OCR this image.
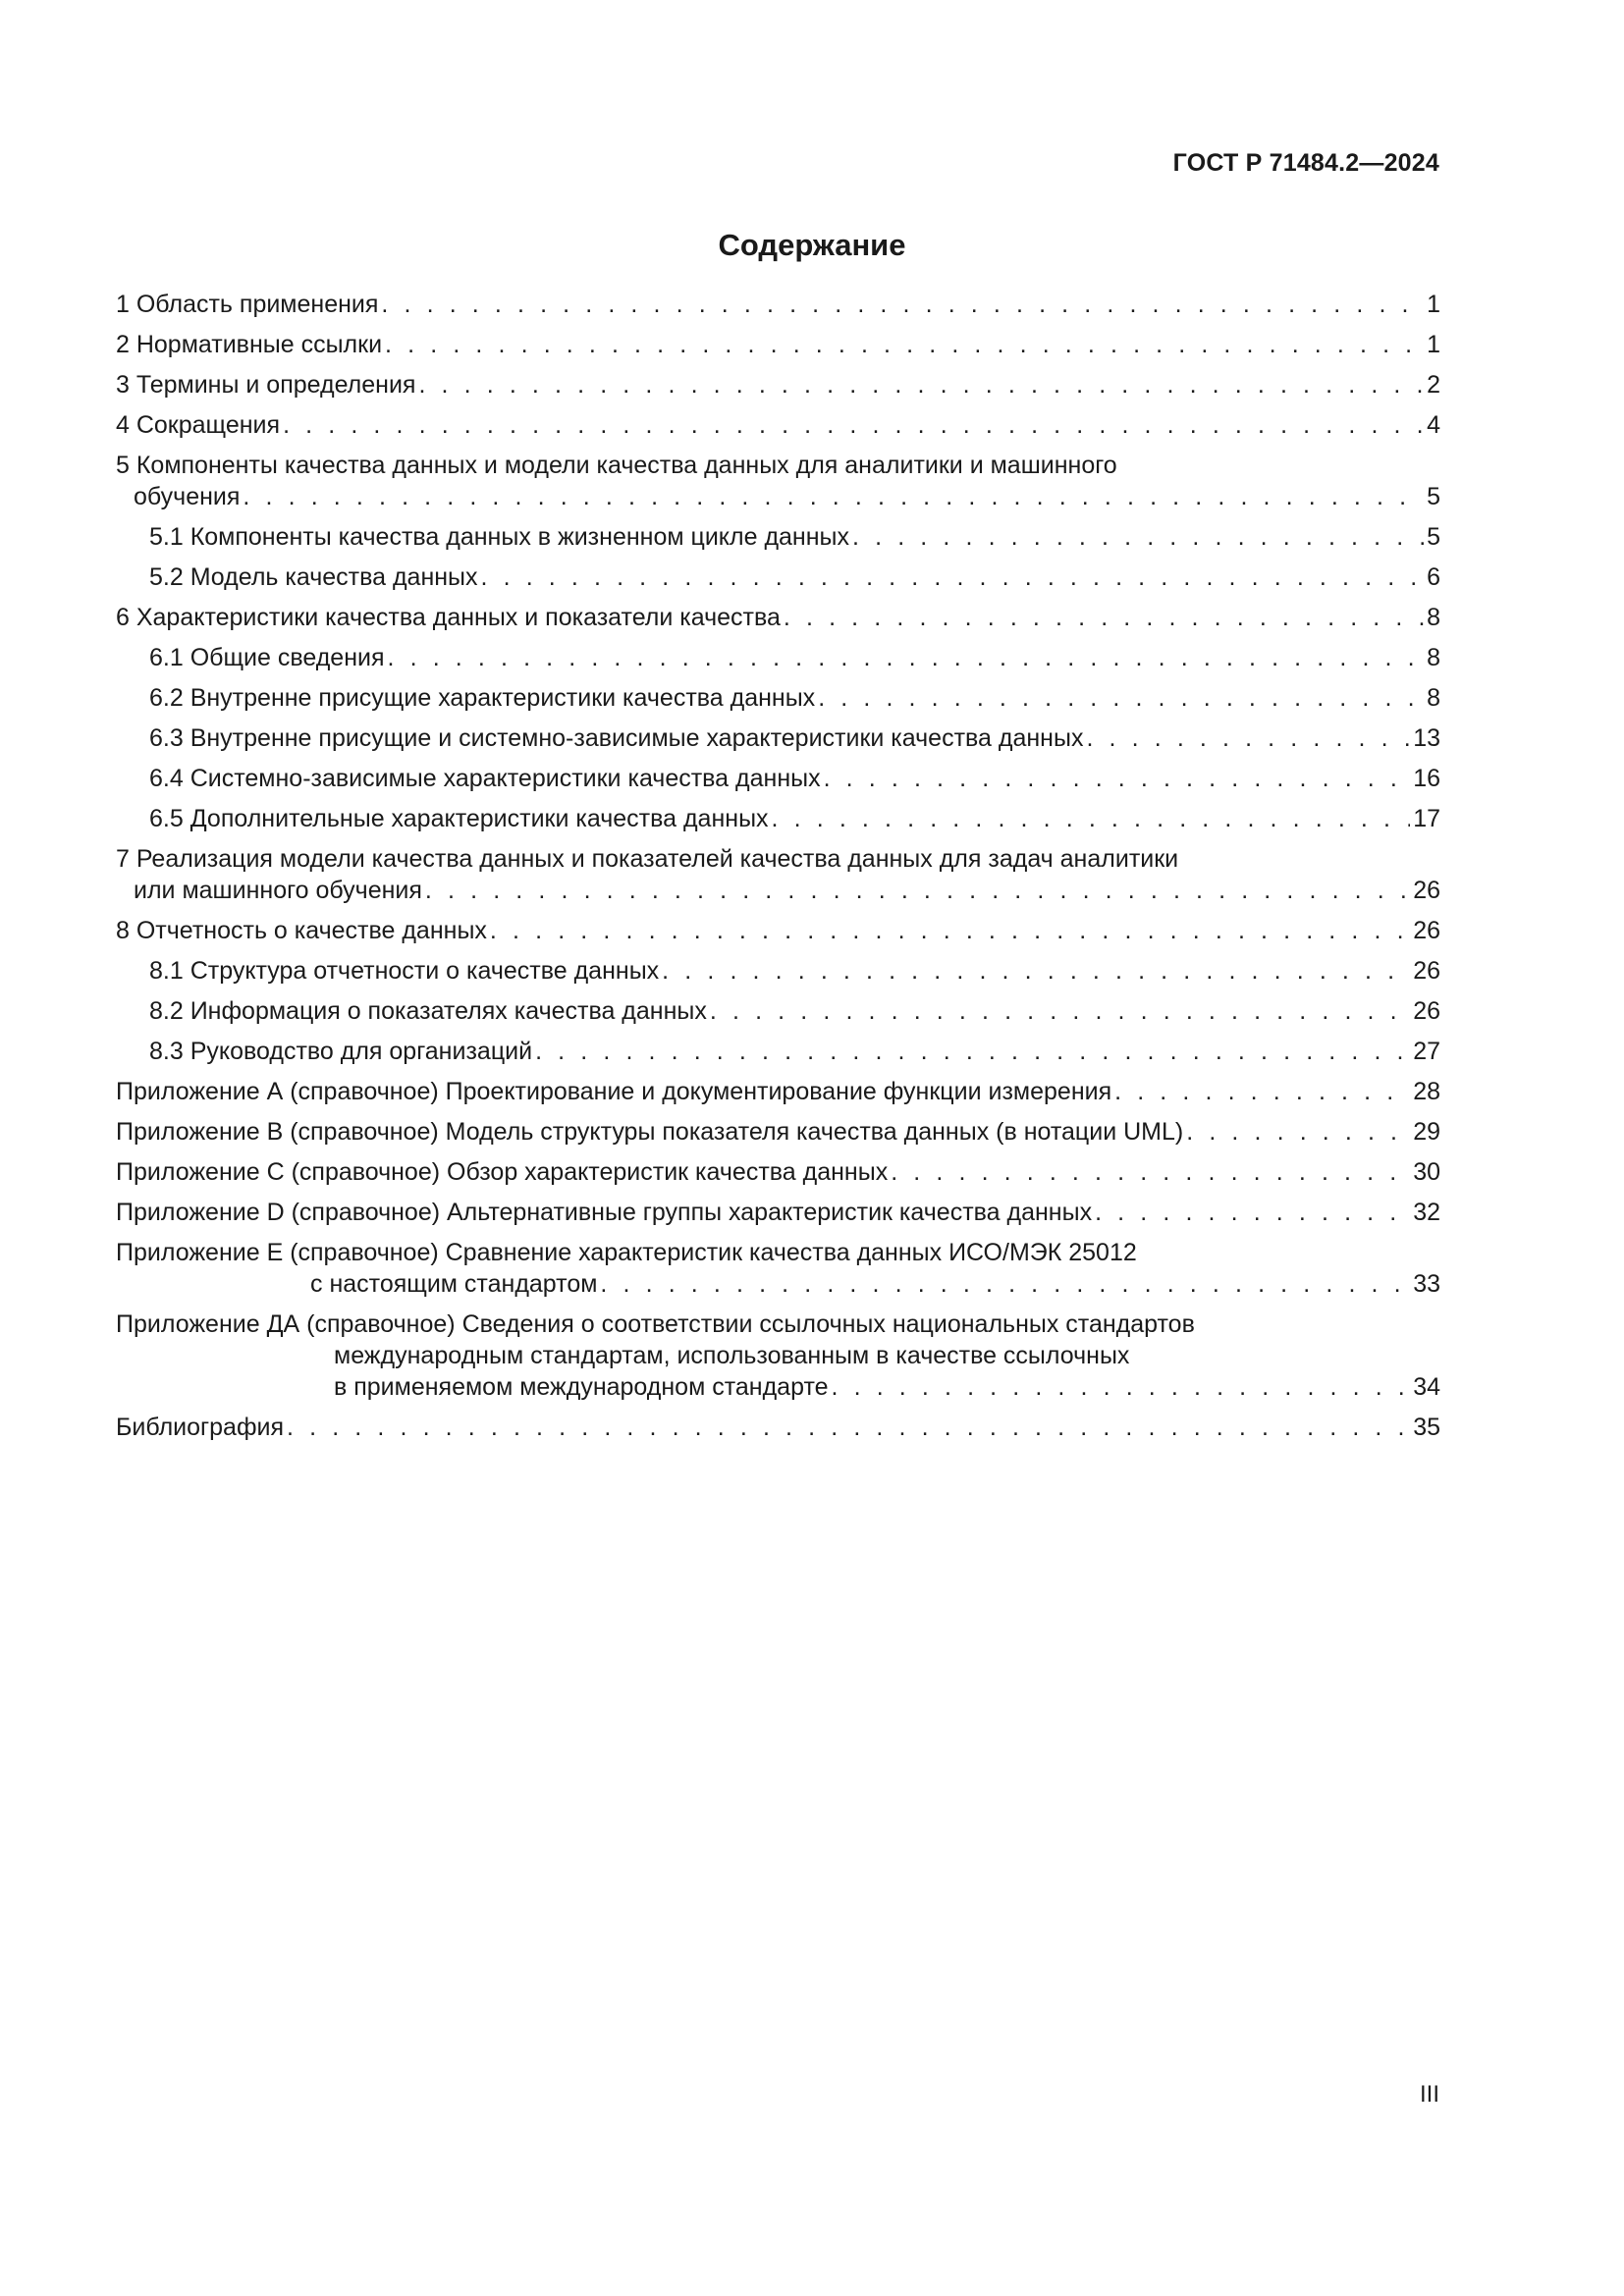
ГОСТ Р 71484.2—2024
Содержание
1 Область применения . . .	1
2 Нормативные ссылки . . .	1
3 Термины и определения . . .	2
4 Сокращения . . .	4
5 Компоненты качества данных и модели качества данных для аналитики и машинного
обучения . . .	5
5.1 Компоненты качества данных в жизненном цикле данных . . .	5
5.2 Модель качества данных . . .	6
6 Характеристики качества данных и показатели качества . . .	8
6.1 Общие сведения . . .	8
6.2 Внутренне присущие характеристики качества данных . . .	8
6.3 Внутренне присущие и системно-зависимые характеристики качества данных . . .	13
6.4 Системно-зависимые характеристики качества данных . . .	16
6.5 Дополнительные характеристики качества данных . . .	17
7 Реализация модели качества данных и показателей качества данных для задач аналитики
или машинного обучения . . .	26
8 Отчетность о качестве данных . . .	26
8.1 Структура отчетности о качестве данных . . .	26
8.2 Информация о показателях качества данных . . .	26
8.3 Руководство для организаций . . .	27
Приложение А (справочное) Проектирование и документирование функции измерения . . .	28
Приложение В (справочное) Модель структуры показателя качества данных (в нотации UML) . . .	29
Приложение С (справочное) Обзор характеристик качества данных . . .	30
Приложение D (справочное) Альтернативные группы характеристик качества данных . . .	32
Приложение Е (справочное) Сравнение характеристик качества данных ИСО/МЭК 25012
с настоящим стандартом . . .	33
Приложение ДА (справочное) Сведения о соответствии ссылочных национальных стандартов
международным стандартам, использованным в качестве ссылочных
в применяемом международном стандарте . . .	34
Библиография . . .	35
III
